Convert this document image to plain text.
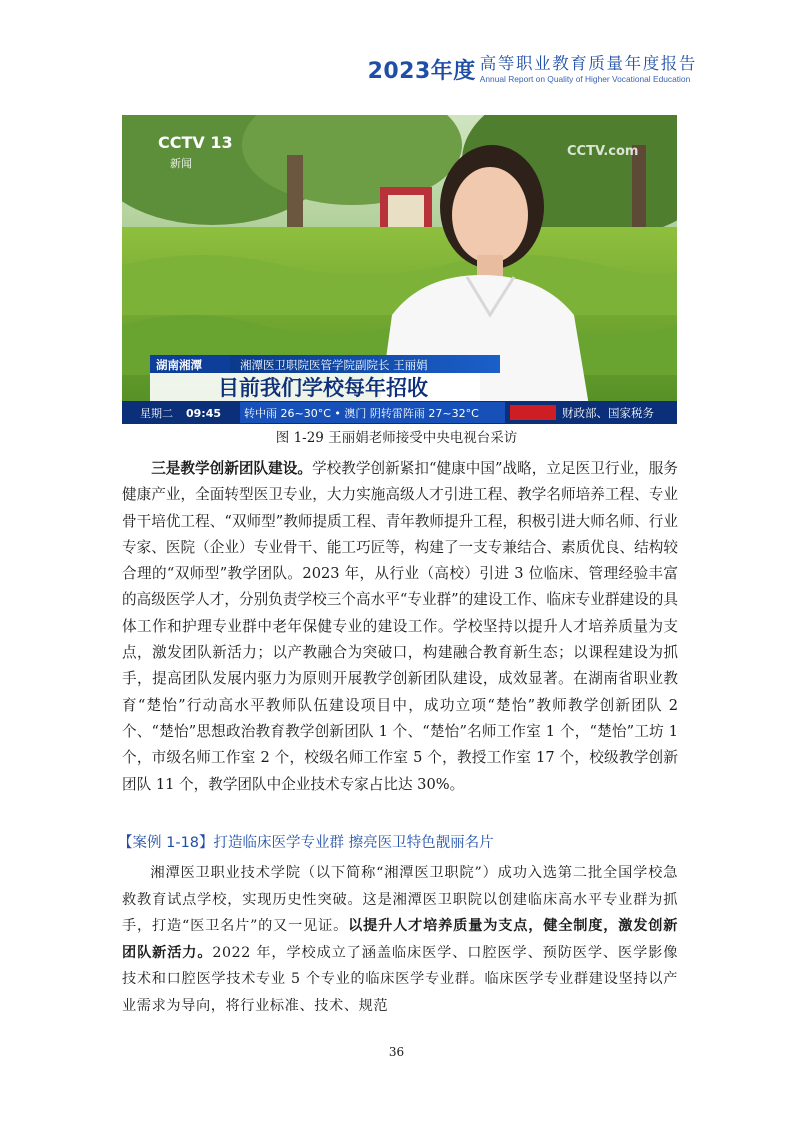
2023年度 高等职业教育质量年度报告
Annual Report on Quality of Higher Vocational Education
CCTV 13
新闻
CCTV.com
湖南湘潭	湘潭医卫职院医管学院副院长 王丽娟
目前我们学校每年招收
星期二 09:45 转中雨 26~30°C • 澳门 阴转雷阵雨 27~32°C	财政部、国家税务
图 1-29 王丽娟老师接受中央电视台采访
三是教学创新团队建设。学校教学创新紧扣“健康中国”战略，立足医卫行业，服务健康产业，全面转型医卫专业，大力实施高级人才引进工程、教学名师培养工程、专业骨干培优工程、“双师型”教师提质工程、青年教师提升工程，积极引进大师名师、行业专家、医院（企业）专业骨干、能工巧匠等，构建了一支专兼结合、素质优良、结构较合理的“双师型”教学团队。2023 年，从行业（高校）引进 3 位临床、管理经验丰富的高级医学人才，分别负责学校三个高水平“专业群”的建设工作、临床专业群建设的具体工作和护理专业群中老年保健专业的建设工作。学校坚持以提升人才培养质量为支点，激发团队新活力；以产教融合为突破口，构建融合教育新生态；以课程建设为抓手，提高团队发展内驱力为原则开展教学创新团队建设，成效显著。在湖南省职业教育“楚怡”行动高水平教师队伍建设项目中，成功立项“楚怡”教师教学创新团队 2 个、“楚怡”思想政治教育教学创新团队 1 个、“楚怡”名师工作室 1 个，“楚怡”工坊 1 个，市级名师工作室 2 个，校级名师工作室 5 个，教授工作室 17 个，校级教学创新团队 11 个，教学团队中企业技术专家占比达 30%。
【案例 1-18】打造临床医学专业群 擦亮医卫特色靓丽名片
湘潭医卫职业技术学院（以下简称“湘潭医卫职院”）成功入选第二批全国学校急救教育试点学校，实现历史性突破。这是湘潭医卫职院以创建临床高水平专业群为抓手，打造“医卫名片”的又一见证。以提升人才培养质量为支点，健全制度，激发创新团队新活力。2022 年，学校成立了涵盖临床医学、口腔医学、预防医学、医学影像技术和口腔医学技术专业 5 个专业的临床医学专业群。临床医学专业群建设坚持以产业需求为导向，将行业标准、技术、规范
36
